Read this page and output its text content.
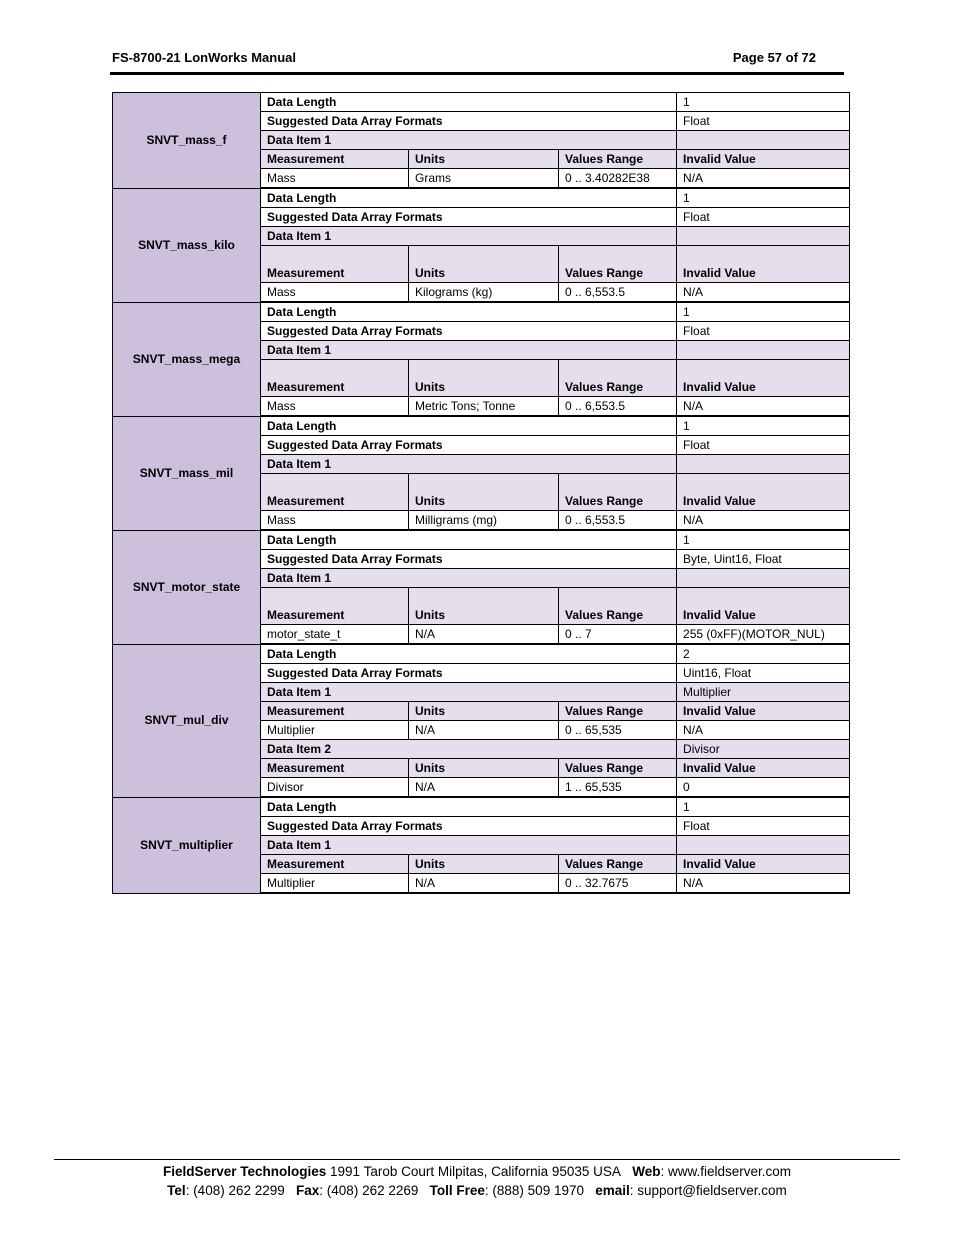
FS-8700-21 LonWorks Manual	Page 57 of 72
SNVT_mass_f	Data Length			1
	Suggested Data Array Formats			Float
	Data Item 1			
	Measurement	Units	Values Range	Invalid Value
	Mass	Grams	0 .. 3.40282E38	N/A
SNVT_mass_kilo	Data Length			1
	Suggested Data Array Formats			Float
	Data Item 1			
	Measurement	Units	Values Range	Invalid Value
	Mass	Kilograms (kg)	0 .. 6,553.5	N/A
SNVT_mass_mega	Data Length			1
	Suggested Data Array Formats			Float
	Data Item 1			
	Measurement	Units	Values Range	Invalid Value
	Mass	Metric Tons; Tonne	0 .. 6,553.5	N/A
SNVT_mass_mil	Data Length			1
	Suggested Data Array Formats			Float
	Data Item 1			
	Measurement	Units	Values Range	Invalid Value
	Mass	Milligrams (mg)	0 .. 6,553.5	N/A
SNVT_motor_state	Data Length			1
	Suggested Data Array Formats			Byte, Uint16, Float
	Data Item 1			
	Measurement	Units	Values Range	Invalid Value
	motor_state_t	N/A	0 .. 7	255 (0xFF)(MOTOR_NUL)
SNVT_mul_div	Data Length			2
	Suggested Data Array Formats			Uint16, Float
	Data Item 1			Multiplier
	Measurement	Units	Values Range	Invalid Value
	Multiplier	N/A	0 .. 65,535	N/A
	Data Item 2			Divisor
	Measurement	Units	Values Range	Invalid Value
	Divisor	N/A	1 .. 65,535	0
SNVT_multiplier	Data Length			1
	Suggested Data Array Formats			Float
	Data Item 1			
	Measurement	Units	Values Range	Invalid Value
	Multiplier	N/A	0 .. 32.7675	N/A
FieldServer Technologies 1991 Tarob Court Milpitas, California 95035 USA Web: www.fieldserver.com
Tel: (408) 262 2299 Fax: (408) 262 2269 Toll Free: (888) 509 1970 email: support@fieldserver.com
